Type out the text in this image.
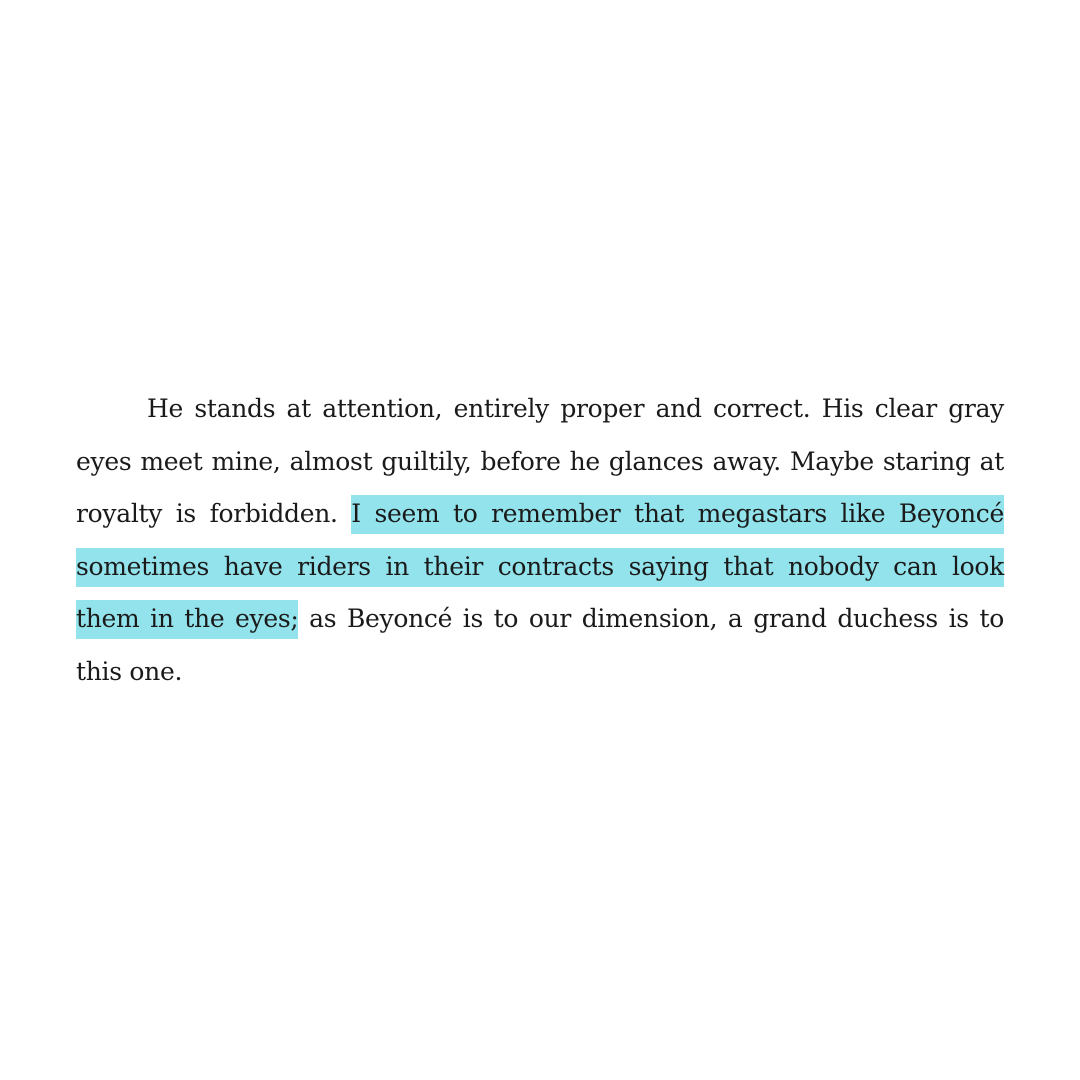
He stands at attention, entirely proper and correct. His clear gray eyes meet mine, almost guiltily, before he glances away. Maybe staring at royalty is forbidden. I seem to remember that megastars like Beyoncé sometimes have riders in their contracts saying that nobody can look them in the eyes; as Beyoncé is to our dimension, a grand duchess is to this one.
